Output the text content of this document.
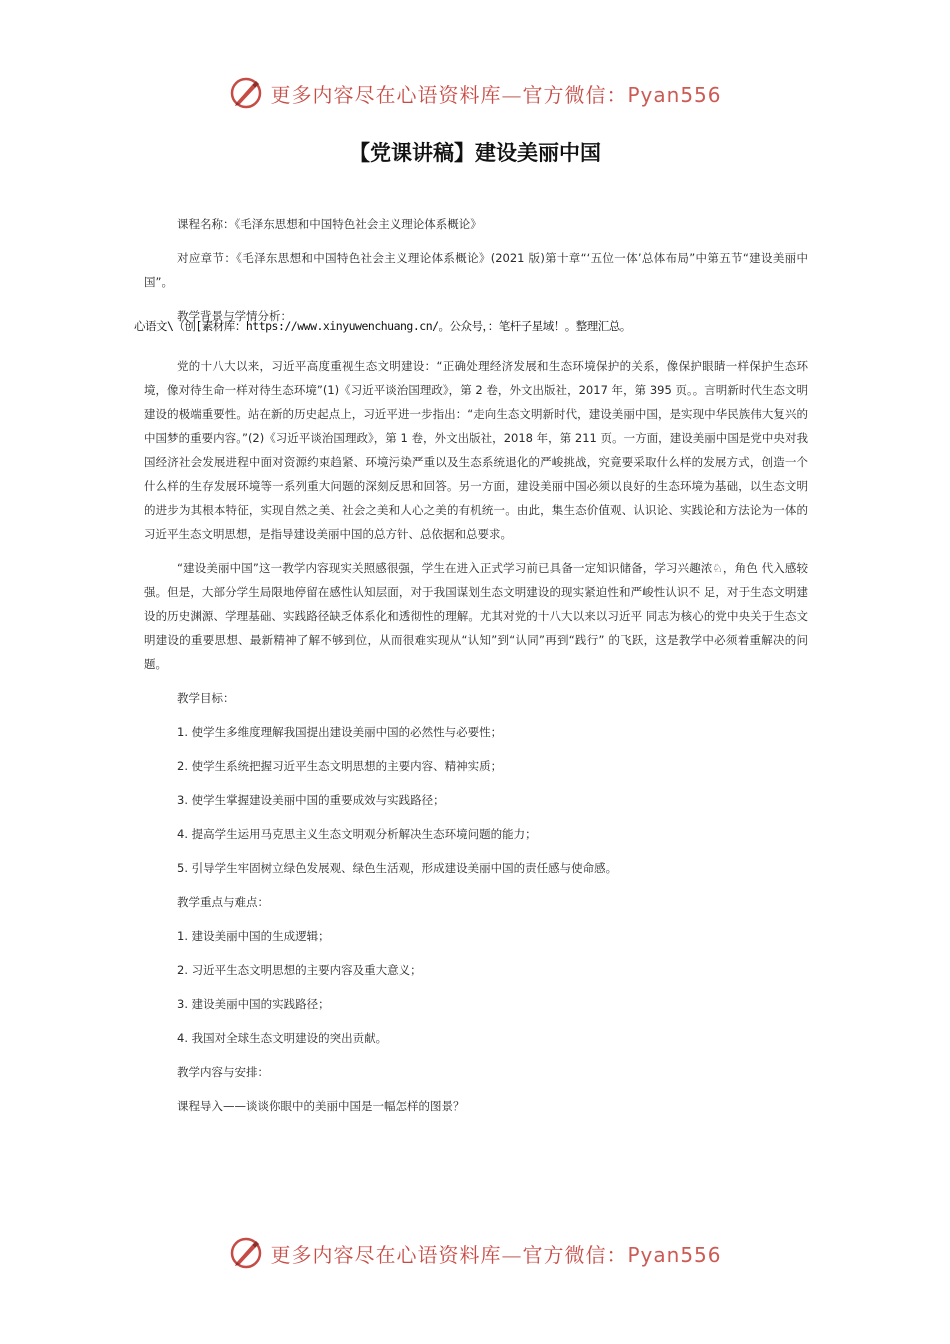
更多内容尽在心语资料库—官方微信：Pyan556
【党课讲稿】建设美丽中国
心语文\（创[素材库：https://www.xinyuwenchuang.cn/。公众号，：笔杆子星域！。整理汇总。

课程名称：《毛泽东思想和中国特色社会主义理论体系概论》

对应章节：《毛泽东思想和中国特色社会主义理论体系概论》(2021 版)第十章“‘五位一体’总体布局”中第五节“建设美丽中国”。

教学背景与学情分析：

党的十八大以来，习近平高度重视生态文明建设：“正确处理经济发展和生态环境保护的关系，像保护眼睛一样保护生态环境，像对待生命一样对待生态环境”(1)《习近平谈治国理政》，第 2 卷，外文出版社，2017 年，第 395 页。。言明新时代生态文明建设的极端重要性。站在新的历史起点上，习近平进一步指出：“走向生态文明新时代，建设美丽中国，是实现中华民族伟大复兴的中国梦的重要内容。”(2)《习近平谈治国理政》，第 1 卷，外文出版社，2018 年，第 211 页。一方面，建设美丽中国是党中央对我国经济社会发展进程中面对资源约束趋紧、环境污染严重以及生态系统退化的严峻挑战，究竟要采取什么样的发展方式，创造一个什么样的生存发展环境等一系列重大问题的深刻反思和回答。另一方面，建设美丽中国必须以良好的生态环境为基础，以生态文明的进步为其根本特征，实现自然之美、社会之美和人心之美的有机统一。由此，集生态价值观、认识论、实践论和方法论为一体的习近平生态文明思想，是指导建设美丽中国的总方针、总依据和总要求。

“建设美丽中国”这一教学内容现实关照感很强，学生在进入正式学习前已具备一定知识储备，学习兴趣浓♘，角色 代入感较强。但是，大部分学生局限地停留在感性认知层面，对于我国谋划生态文明建设的现实紧迫性和严峻性认识不 足，对于生态文明建设的历史渊源、学理基础、实践路径缺乏体系化和透彻性的理解。尤其对党的十八大以来以习近平 同志为核心的党中央关于生态文明建设的重要思想、最新精神了解不够到位，从而很难实现从“认知”到“认同”再到“践行” 的飞跃，这是教学中必须着重解决的问题。

教学目标：

1. 使学生多维度理解我国提出建设美丽中国的必然性与必要性；

2. 使学生系统把握习近平生态文明思想的主要内容、精神实质；

3. 使学生掌握建设美丽中国的重要成效与实践路径；

4. 提高学生运用马克思主义生态文明观分析解决生态环境问题的能力；

5. 引导学生牢固树立绿色发展观、绿色生活观，形成建设美丽中国的责任感与使命感。

教学重点与难点：

1. 建设美丽中国的生成逻辑；

2. 习近平生态文明思想的主要内容及重大意义；

3. 建设美丽中国的实践路径；

4. 我国对全球生态文明建设的突出贡献。

教学内容与安排：

课程导入——谈谈你眼中的美丽中国是一幅怎样的图景？

更多内容尽在心语资料库—官方微信：Pyan556
